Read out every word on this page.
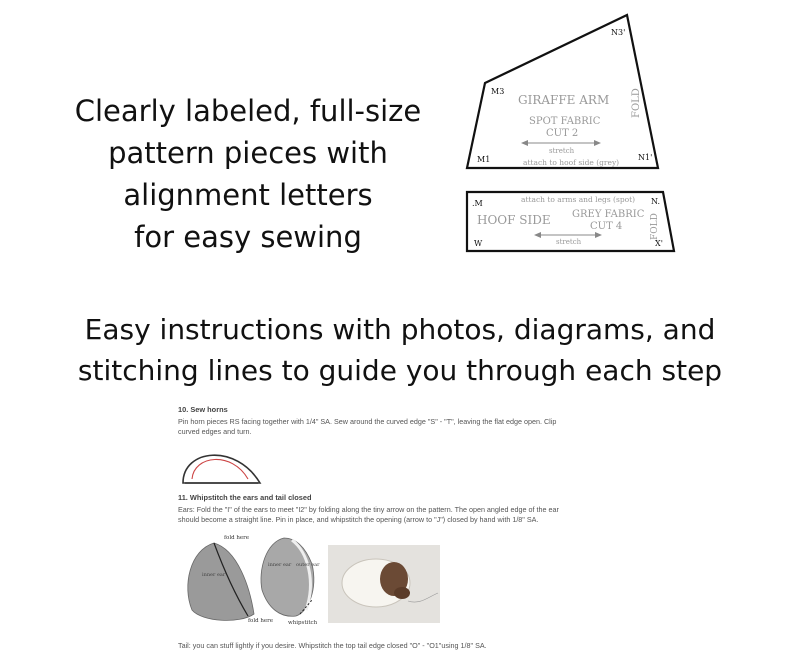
Clearly labeled, full-size
pattern pieces with
alignment letters
for easy sewing
GIRAFFE ARM
SPOT FABRIC
CUT 2
stretch
attach to hoof side (grey)
FOLD
M3
N3'
M1	N1'
attach to arms and legs (spot)
.M	N.
HOOF SIDE GREY FABRIC
CUT 4
stretch
FOLD
W	X'
Easy instructions with photos, diagrams, and
stitching lines to guide you through each step
10. Sew horns
Pin horn pieces RS facing together with 1/4" SA. Sew around the curved edge "S" - "T", leaving the flat edge open. Clip curved edges and turn.
11. Whipstitch the ears and tail closed
Ears: Fold the "I" of the ears to meet "I2" by folding along the tiny arrow on the pattern. The open angled edge of the ear should become a straight line. Pin in place, and whipstitch the opening (arrow to "J") closed by hand with 1/8" SA.
fold here
inner ear
inner ear outer ear
fold here	whipstitch
Tail: you can stuff lightly if you desire. Whipstitch the top tail edge closed "O" - "O1"using 1/8" SA.
